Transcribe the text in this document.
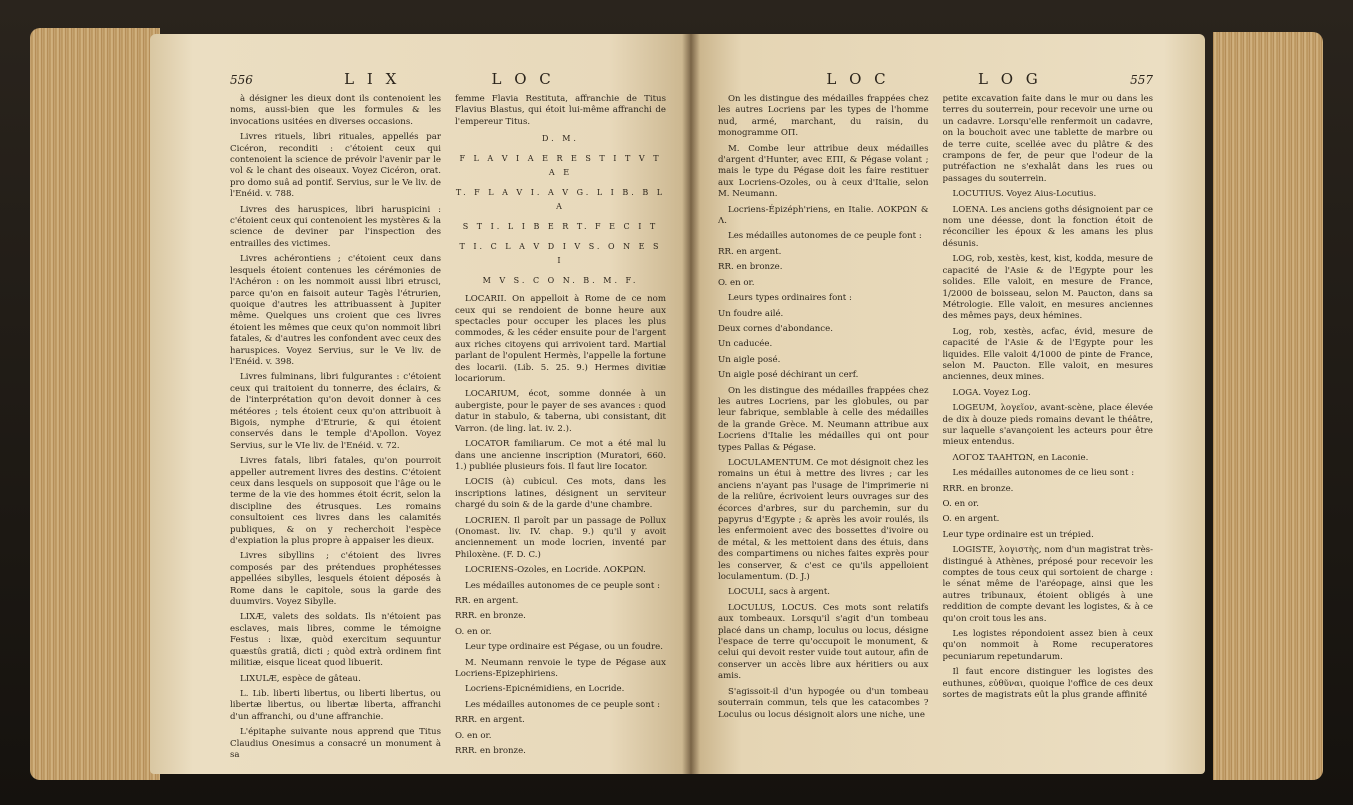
556	L I X	L O C

à désigner les dieux dont ils contenoient les noms, aussi-bien que les formules & les invocations usitées en diverses occasions.

Livres rituels, libri rituales, appellés par Cicéron, reconditi : c'étoient ceux qui contenoient la science de prévoir l'avenir par le vol & le chant des oiseaux. Voyez Cicéron, orat. pro domo suâ ad pontif. Servius, sur le Ve liv. de l'Enéid. v. 788.

Livres des haruspices, libri haruspicini : c'étoient ceux qui contenoient les mystères & la science de deviner par l'inspection des entrailles des victimes.

Livres achérontiens ; c'étoient ceux dans lesquels étoient contenues les cérémonies de l'Achéron : on les nommoit aussi libri etrusci, parce qu'on en faisoit auteur Tagès l'étrurien, quoique d'autres les attribuassent à Jupiter même. Quelques uns croient que ces livres étoient les mêmes que ceux qu'on nommoit libri fatales, & d'autres les confondent avec ceux des haruspices. Voyez Servius, sur le Ve liv. de l'Enéid. v. 398.

Livres fulminans, libri fulgurantes : c'étoient ceux qui traitoient du tonnerre, des éclairs, & de l'interprétation qu'on devoit donner à ces météores ; tels étoient ceux qu'on attribuoit à Bigois, nymphe d'Etrurie, & qui étoient conservés dans le temple d'Apollon. Voyez Servius, sur le VIe liv. de l'Enéid. v. 72.

Livres fatals, libri fatales, qu'on pourroit appeller autrement livres des destins. C'étoient ceux dans lesquels on supposoit que l'âge ou le terme de la vie des hommes étoit écrit, selon la discipline des étrusques. Les romains consultoient ces livres dans les calamités publiques, & on y recherchoit l'espèce d'expiation la plus propre à appaiser les dieux.

Livres sibyllins ; c'étoient des livres composés par des prétendues prophétesses appellées sibylles, lesquels étoient déposés à Rome dans le capitole, sous la garde des duumvirs. Voyez Sibylle.

LIXÆ, valets des soldats. Ils n'étoient pas esclaves, mais libres, comme le témoigne Festus : lixæ, quòd exercitum sequuntur quæstûs gratiâ, dicti ; quòd extrà ordinem fint militiæ, eisque liceat quod libuerit.

LIXULÆ, espèce de gâteau.

L. Lib. liberti libertus, ou liberti libertus, ou libertæ libertus, ou libertæ liberta, affranchi d'un affranchi, ou d'une affranchie.

L'épitaphe suivante nous apprend que Titus Claudius Onesimus a consacré un monument à sa

femme Flavia Restituta, affranchie de Titus Flavius Blastus, qui étoit lui-même affranchi de l'empereur Titus.

D. M.
F L A V I A E R E S T I T V T A E
T. F L A V I. A V G. L I B. B L A
S T I. L I B E R T. F E C I T
T I. C L A V D I V S. O N E S I
M V S. C O N. B. M. F.

LOCARII. On appelloit à Rome de ce nom ceux qui se rendoient de bonne heure aux spectacles pour occuper les places les plus commodes, & les céder ensuite pour de l'argent aux riches citoyens qui arrivoient tard. Martial parlant de l'opulent Hermès, l'appelle la fortune des locarii. (Lib. 5. 25. 9.) Hermes divitiæ locariorum.

LOCARIUM, écot, somme donnée à un aubergiste, pour le payer de ses avances : quod datur in stabulo, & taberna, ubi consistant, dit Varron. (de ling. lat. iv. 2.).

LOCATOR familiarum. Ce mot a été mal lu dans une ancienne inscription (Muratori, 660. 1.) publiée plusieurs fois. Il faut lire Iocator.

LOCIS (à) cubicul. Ces mots, dans les inscriptions latines, désignent un serviteur chargé du soin & de la garde d'une chambre.

LOCRIEN. Il paroît par un passage de Pollux (Onomast. liv. IV. chap. 9.) qu'il y avoit anciennement un mode locrien, inventé par Philoxène. (F. D. C.)

LOCRIENS-Ozoles, en Locride. ΛOKPΩN.

Les médailles autonomes de ce peuple sont :

RR. en argent.

RRR. en bronze.

O. en or.

Leur type ordinaire est Pégase, ou un foudre.

M. Neumann renvoie le type de Pégase aux Locriens-Epizephiriens.

Locriens-Epicnémidiens, en Locride.

Les médailles autonomes de ce peuple sont :

RRR. en argent.

O. en or.

RRR. en bronze.

L O C	L O G	557

On les distingue des médailles frappées chez les autres Locriens par les types de l'homme nud, armé, marchant, du raisin, du monogramme OΠ.

M. Combe leur attribue deux médailles d'argent d'Hunter, avec EΠI, & Pégase volant ; mais le type du Pégase doit les faire restituer aux Locriens-Ozoles, ou à ceux d'Italie, selon M. Neumann.

Locriens-Épizéph'riens, en Italie. ΛOKPΩN & Λ.

Les médailles autonomes de ce peuple font :

RR. en argent.

RR. en bronze.

O. en or.

Leurs types ordinaires font :

Un foudre ailé.

Deux cornes d'abondance.

Un caducée.

Un aigle posé.

Un aigle posé déchirant un cerf.

On les distingue des médailles frappées chez les autres Locriens, par les globules, ou par leur fabrique, semblable à celle des médailles de la grande Grèce. M. Neumann attribue aux Locriens d'Italie les médailles qui ont pour types Pallas & Pégase.

LOCULAMENTUM. Ce mot désignoit chez les romains un étui à mettre des livres ; car les anciens n'ayant pas l'usage de l'imprimerie ni de la reliûre, écrivoient leurs ouvrages sur des écorces d'arbres, sur du parchemin, sur du papyrus d'Egypte ; & après les avoir roulés, ils les enfermoient avec des bossettes d'ivoire ou de métal, & les mettoient dans des étuis, dans des compartimens ou niches faites exprès pour les conserver, & c'est ce qu'ils appelloient loculamentum. (D. J.)

LOCULI, sacs à argent.

LOCULUS, LOCUS. Ces mots sont relatifs aux tombeaux. Lorsqu'il s'agit d'un tombeau placé dans un champ, loculus ou locus, désigne l'espace de terre qu'occupoit le monument, & celui qui devoit rester vuide tout autour, afin de conserver un accès libre aux héritiers ou aux amis.

S'agissoit-il d'un hypogée ou d'un tombeau souterrain commun, tels que les catacombes ? Loculus ou locus désignoit alors une niche, une

petite excavation faite dans le mur ou dans les terres du souterrein, pour recevoir une urne ou un cadavre. Lorsqu'elle renfermoit un cadavre, on la bouchoit avec une tablette de marbre ou de terre cuite, scellée avec du plâtre & des crampons de fer, de peur que l'odeur de la putréfaction ne s'exhalât dans les rues ou passages du souterrein.

LOCUTIUS. Voyez Aius-Locutius.

LOENA. Les anciens goths désignoient par ce nom une déesse, dont la fonction étoit de réconcilier les époux & les amans les plus désunis.

LOG, rob, xestès, kest, kist, kodda, mesure de capacité de l'Asie & de l'Egypte pour les solides. Elle valoit, en mesure de France, 1/2000 de boisseau, selon M. Paucton, dans sa Métrologie. Elle valoit, en mesures anciennes des mêmes pays, deux hémines.

Log, rob, xestès, acfac, évid, mesure de capacité de l'Asie & de l'Egypte pour les liquides. Elle valoit 4/1000 de pinte de France, selon M. Paucton. Elle valoit, en mesures anciennes, deux mines.

LOGA. Voyez Log.

LOGEUM, λογεῖον, avant-scène, place élevée de dix à douze pieds romains devant le théâtre, sur laquelle s'avançoient les acteurs pour être mieux entendus.

ΛOΓOΣ TAAHTΩN, en Laconie.

Les médailles autonomes de ce lieu sont :

RRR. en bronze.

O. en or.

O. en argent.

Leur type ordinaire est un trépied.

LOGISTE, λογιστὴς, nom d'un magistrat très-distingué à Athènes, préposé pour recevoir les comptes de tous ceux qui sortoient de charge : le sénat même de l'aréopage, ainsi que les autres tribunaux, étoient obligés à une reddition de compte devant les logistes, & à ce qu'on croit tous les ans.

Les logistes répondoient assez bien à ceux qu'on nommoit à Rome recuperatores pecuniarum repetundarum.

Il faut encore distinguer les logistes des euthunes, εὐθῦναι, quoique l'office de ces deux sortes de magistrats eût la plus grande affinité
